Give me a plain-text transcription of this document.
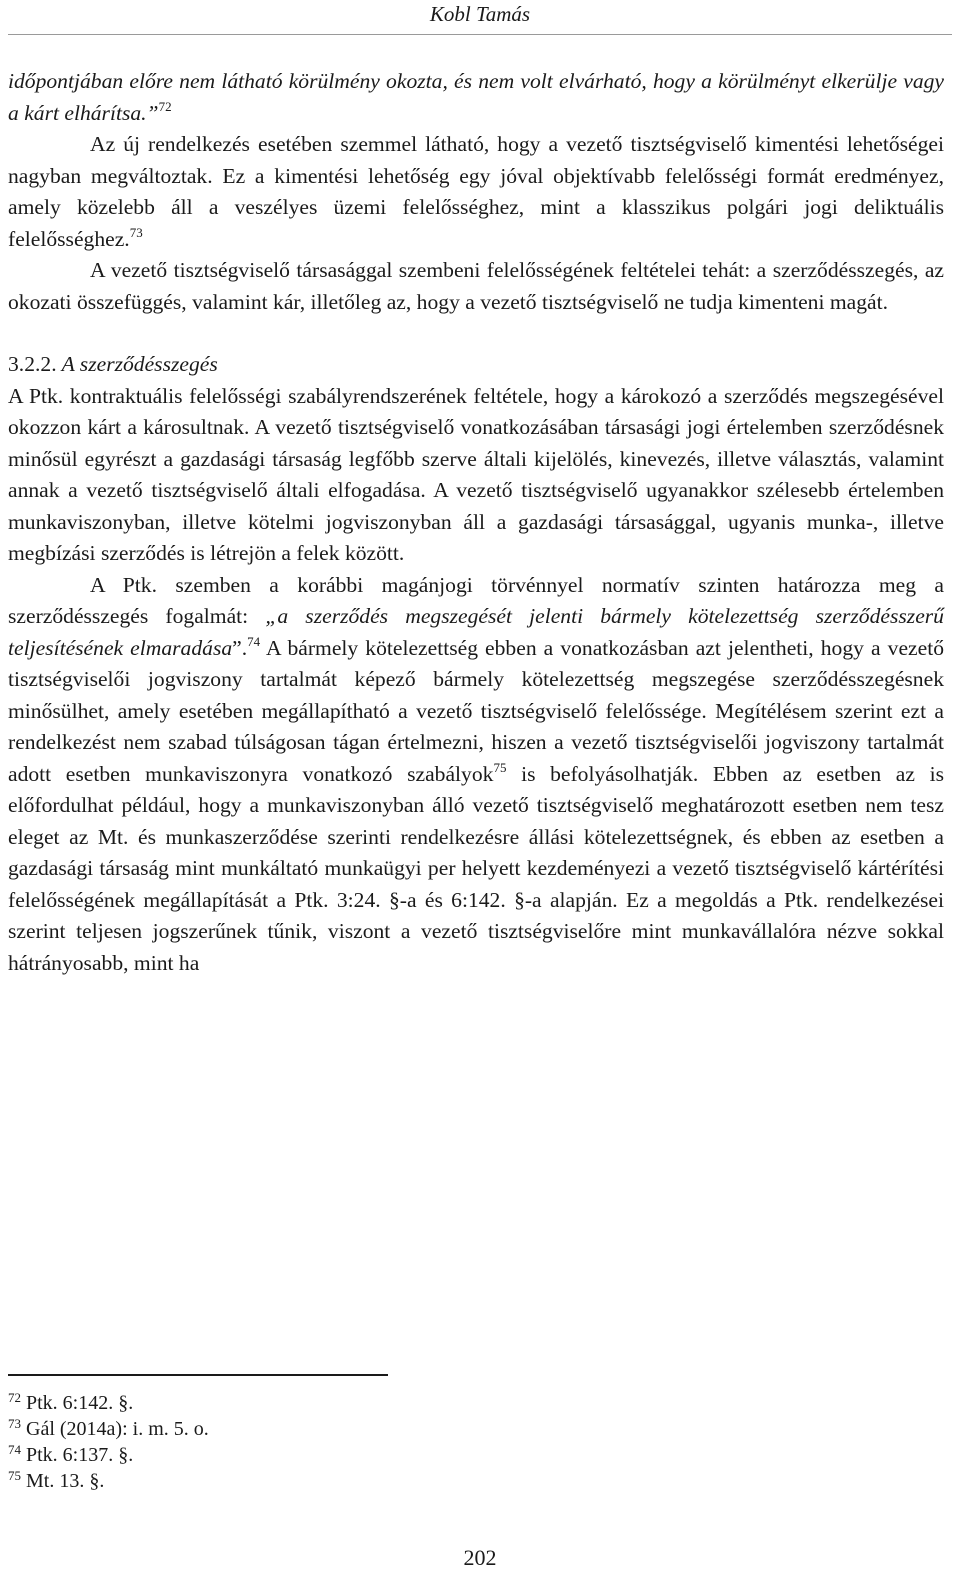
Kobl Tamás

időpontjában előre nem látható körülmény okozta, és nem volt elvárható, hogy a körülményt elkerülje vagy a kárt elhárítsa.”$^{72}$

Az új rendelkezés esetében szemmel látható, hogy a vezető tisztségviselő kimentési lehetőségei nagyban megváltoztak. Ez a kimentési lehetőség egy jóval objektívabb felelősségi formát eredményez, amely közelebb áll a veszélyes üzemi felelősséghez, mint a klasszikus polgári jogi deliktuális felelősséghez.$^{73}$

A vezető tisztségviselő társasággal szembeni felelősségének feltételei tehát: a szerződésszegés, az okozati összefüggés, valamint kár, illetőleg az, hogy a vezető tisztségviselő ne tudja kimenteni magát.

3.2.2. A szerződésszegés

A Ptk. kontraktuális felelősségi szabályrendszerének feltétele, hogy a károkozó a szerződés megszegésével okozzon kárt a károsultnak. A vezető tisztségviselő vonatkozásában társasági jogi értelemben szerződésnek minősül egyrészt a gazdasági társaság legfőbb szerve általi kijelölés, kinevezés, illetve választás, valamint annak a vezető tisztségviselő általi elfogadása. A vezető tisztségviselő ugyanakkor szélesebb értelemben munkaviszonyban, illetve kötelmi jogviszonyban áll a gazdasági társasággal, ugyanis munka-, illetve megbízási szerződés is létrejön a felek között.

A Ptk. szemben a korábbi magánjogi törvénnyel normatív szinten határozza meg a szerződésszegés fogalmát: „a szerződés megszegését jelenti bármely kötelezettség szerződésszerű teljesítésének elmaradása”.$^{74}$ A bármely kötelezettség ebben a vonatkozásban azt jelentheti, hogy a vezető tisztségviselői jogviszony tartalmát képező bármely kötelezettség megszegése szerződésszegésnek minősülhet, amely esetében megállapítható a vezető tisztségviselő felelőssége. Megítélésem szerint ezt a rendelkezést nem szabad túlságosan tágan értelmezni, hiszen a vezető tisztségviselői jogviszony tartalmát adott esetben munkaviszonyra vonatkozó szabályok$^{75}$ is befolyásolhatják. Ebben az esetben az is előfordulhat például, hogy a munkaviszonyban álló vezető tisztségviselő meghatározott esetben nem tesz eleget az Mt. és munkaszerződése szerinti rendelkezésre állási kötelezettségnek, és ebben az esetben a gazdasági társaság mint munkáltató munkaügyi per helyett kezdeményezi a vezető tisztségviselő kártérítési felelősségének megállapítását a Ptk. 3:24. §-a és 6:142. §-a alapján. Ez a megoldás a Ptk. rendelkezései szerint teljesen jogszerűnek tűnik, viszont a vezető tisztségviselőre mint munkavállalóra nézve sokkal hátrányosabb, mint ha

$^{72}$ Ptk. 6:142. §.
$^{73}$ Gál (2014a): i. m. 5. o.
$^{74}$ Ptk. 6:137. §.
$^{75}$ Mt. 13. §.
202
